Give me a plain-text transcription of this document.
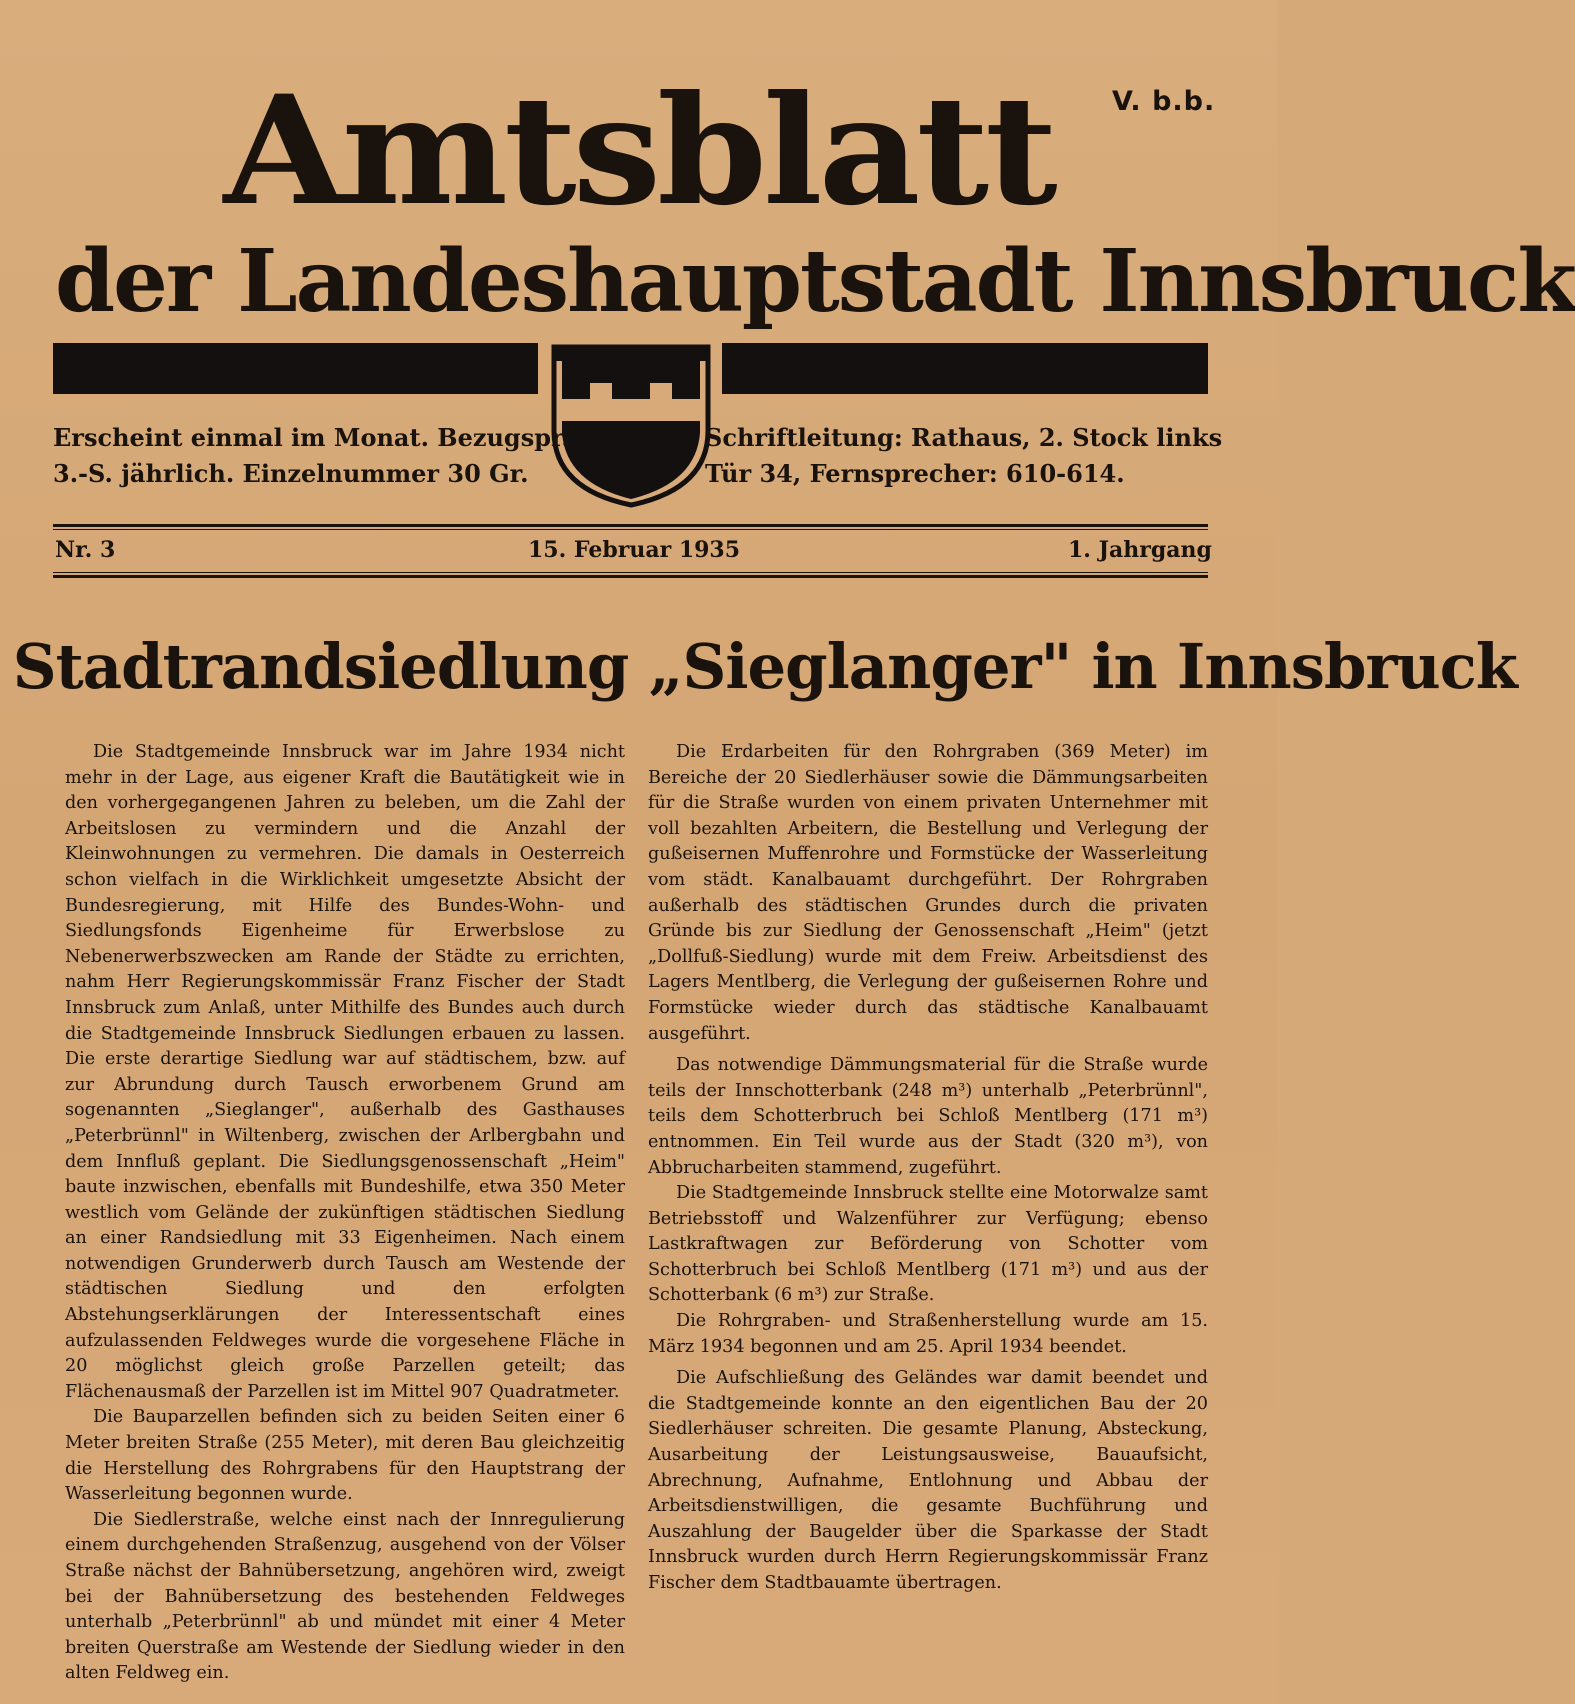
V. b.b.
Amtsblatt
der Landeshauptstadt Innsbruck
Erscheint einmal im Monat. Bezugspr.
3.-S. jährlich. Einzelnummer 30 Gr.
Schriftleitung: Rathaus, 2. Stock links
Tür 34, Fernsprecher: 610-614.
Nr. 3	15. Februar 1935	1. Jahrgang
Stadtrandsiedlung „Sieglanger" in Innsbruck

Die Stadtgemeinde Innsbruck war im Jahre 1934 nicht mehr in der Lage, aus eigener Kraft die Bautätigkeit wie in den vorhergegangenen Jahren zu beleben, um die Zahl der Arbeitslosen zu vermindern und die Anzahl der Kleinwohnungen zu vermehren. Die damals in Oesterreich schon vielfach in die Wirklichkeit umgesetzte Absicht der Bundesregierung, mit Hilfe des Bundes-Wohn- und Siedlungsfonds Eigenheime für Erwerbslose zu Nebenerwerbszwecken am Rande der Städte zu errichten, nahm Herr Regierungskommissär Franz Fischer der Stadt Innsbruck zum Anlaß, unter Mithilfe des Bundes auch durch die Stadtgemeinde Innsbruck Siedlungen erbauen zu lassen. Die erste derartige Siedlung war auf städtischem, bzw. auf zur Abrundung durch Tausch erworbenem Grund am sogenannten „Sieglanger", außerhalb des Gasthauses „Peterbrünnl" in Wiltenberg, zwischen der Arlbergbahn und dem Innfluß geplant. Die Siedlungsgenossenschaft „Heim" baute inzwischen, ebenfalls mit Bundeshilfe, etwa 350 Meter westlich vom Gelände der zukünftigen städtischen Siedlung an einer Randsiedlung mit 33 Eigenheimen. Nach einem notwendigen Grunderwerb durch Tausch am Westende der städtischen Siedlung und den erfolgten Abstehungserklärungen der Interessentschaft eines aufzulassenden Feldweges wurde die vorgesehene Fläche in 20 möglichst gleich große Parzellen geteilt; das Flächenausmaß der Parzellen ist im Mittel 907 Quadratmeter.

Die Bauparzellen befinden sich zu beiden Seiten einer 6 Meter breiten Straße (255 Meter), mit deren Bau gleichzeitig die Herstellung des Rohrgrabens für den Hauptstrang der Wasserleitung begonnen wurde.

Die Siedlerstraße, welche einst nach der Innregulierung einem durchgehenden Straßenzug, ausgehend von der Völser Straße nächst der Bahnübersetzung, angehören wird, zweigt bei der Bahnübersetzung des bestehenden Feldweges unterhalb „Peterbrünnl" ab und mündet mit einer 4 Meter breiten Querstraße am Westende der Siedlung wieder in den alten Feldweg ein.

Die Erdarbeiten für den Rohrgraben (369 Meter) im Bereiche der 20 Siedlerhäuser sowie die Dämmungsarbeiten für die Straße wurden von einem privaten Unternehmer mit voll bezahlten Arbeitern, die Bestellung und Verlegung der gußeisernen Muffenrohre und Formstücke der Wasserleitung vom städt. Kanalbauamt durchgeführt. Der Rohrgraben außerhalb des städtischen Grundes durch die privaten Gründe bis zur Siedlung der Genossenschaft „Heim" (jetzt „Dollfuß-Siedlung) wurde mit dem Freiw. Arbeitsdienst des Lagers Mentlberg, die Verlegung der gußeisernen Rohre und Formstücke wieder durch das städtische Kanalbauamt ausgeführt.

Das notwendige Dämmungsmaterial für die Straße wurde teils der Innschotterbank (248 m³) unterhalb „Peterbrünnl", teils dem Schotterbruch bei Schloß Mentlberg (171 m³) entnommen. Ein Teil wurde aus der Stadt (320 m³), von Abbrucharbeiten stammend, zugeführt.

Die Stadtgemeinde Innsbruck stellte eine Motorwalze samt Betriebsstoff und Walzenführer zur Verfügung; ebenso Lastkraftwagen zur Beförderung von Schotter vom Schotterbruch bei Schloß Mentlberg (171 m³) und aus der Schotterbank (6 m³) zur Straße.

Die Rohrgraben- und Straßenherstellung wurde am 15. März 1934 begonnen und am 25. April 1934 beendet.

Die Aufschließung des Geländes war damit beendet und die Stadtgemeinde konnte an den eigentlichen Bau der 20 Siedlerhäuser schreiten. Die gesamte Planung, Absteckung, Ausarbeitung der Leistungsausweise, Bauaufsicht, Abrechnung, Aufnahme, Entlohnung und Abbau der Arbeitsdienstwilligen, die gesamte Buchführung und Auszahlung der Baugelder über die Sparkasse der Stadt Innsbruck wurden durch Herrn Regierungskommissär Franz Fischer dem Stadtbauamte übertragen.
